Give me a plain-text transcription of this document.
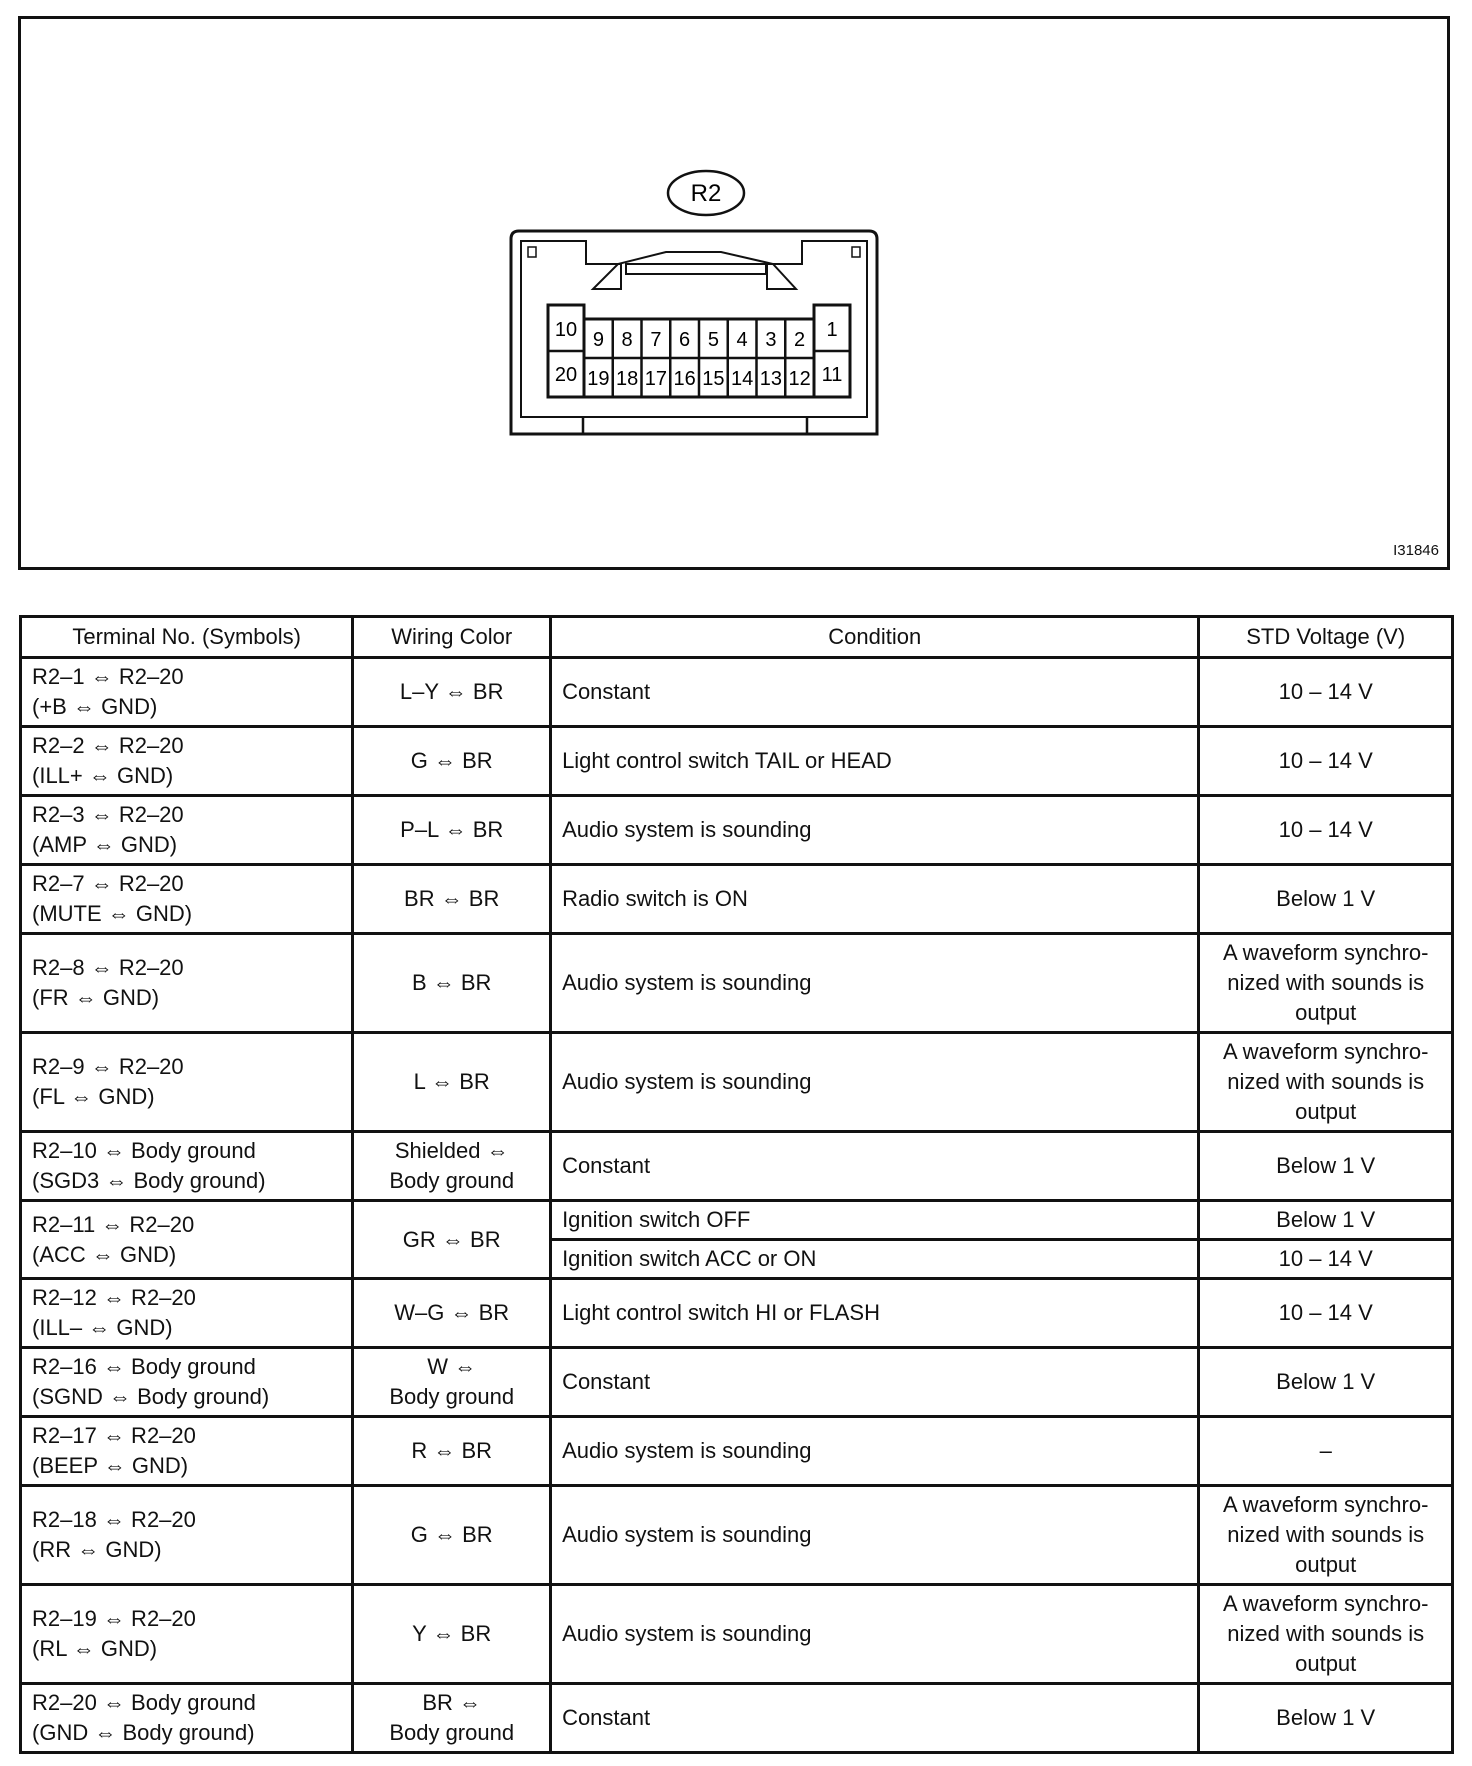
R2
10 9 8 7 6 5 4 3 2 1
20 19 18 17 16 15 14 13 12 11
I31846
Terminal No. (Symbols)	Wiring Color	Condition	STD Voltage (V)

R2–1 ⇔ R2–20
(+B ⇔ GND)	L–Y ⇔ BR	Constant	10 – 14 V

R2–2 ⇔ R2–20
(ILL+ ⇔ GND)	G ⇔ BR	Light control switch TAIL or HEAD	10 – 14 V

R2–3 ⇔ R2–20
(AMP ⇔ GND)	P–L ⇔ BR	Audio system is sounding	10 – 14 V

R2–7 ⇔ R2–20
(MUTE ⇔ GND)	BR ⇔ BR	Radio switch is ON	Below 1 V

R2–8 ⇔ R2–20
(FR ⇔ GND)	B ⇔ BR	Audio system is sounding	A waveform synchro-
nized with sounds is
output

R2–9 ⇔ R2–20
(FL ⇔ GND)	L ⇔ BR	Audio system is sounding	A waveform synchro-
nized with sounds is
output

R2–10 ⇔ Body ground
(SGD3 ⇔ Body ground)	Shielded ⇔
Body ground	Constant	Below 1 V

R2–11 ⇔ R2–20
(ACC ⇔ GND)	GR ⇔ BR	Ignition switch OFF	Below 1 V
		Ignition switch ACC or ON	10 – 14 V

R2–12 ⇔ R2–20
(ILL– ⇔ GND)	W–G ⇔ BR	Light control switch HI or FLASH	10 – 14 V

R2–16 ⇔ Body ground
(SGND ⇔ Body ground)	W ⇔
Body ground	Constant	Below 1 V

R2–17 ⇔ R2–20
(BEEP ⇔ GND)	R ⇔ BR	Audio system is sounding	–

R2–18 ⇔ R2–20
(RR ⇔ GND)	G ⇔ BR	Audio system is sounding	A waveform synchro-
nized with sounds is
output

R2–19 ⇔ R2–20
(RL ⇔ GND)	Y ⇔ BR	Audio system is sounding	A waveform synchro-
nized with sounds is
output

R2–20 ⇔ Body ground
(GND ⇔ Body ground)	BR ⇔
Body ground	Constant	Below 1 V
